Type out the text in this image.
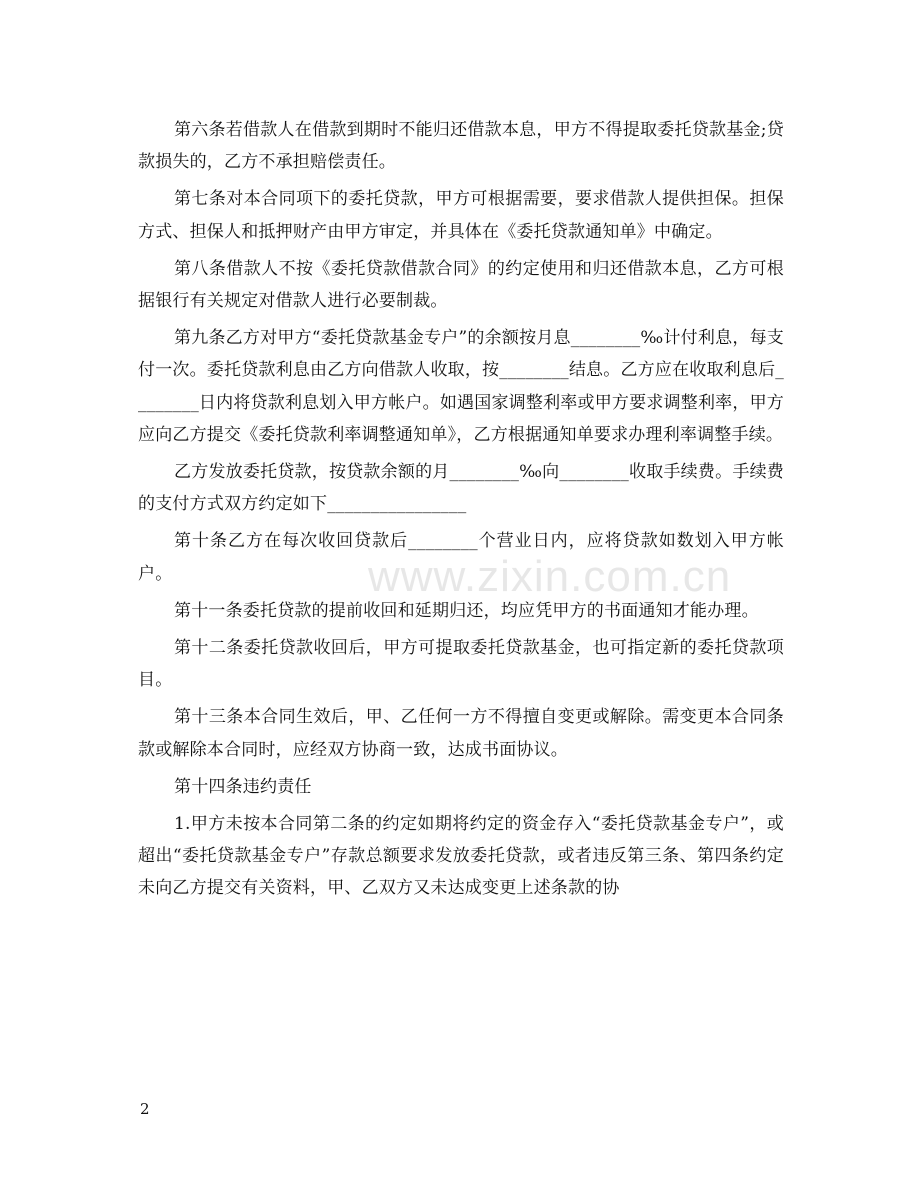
第六条若借款人在借款到期时不能归还借款本息，甲方不得提取委托贷款基金;贷款损失的，乙方不承担赔偿责任。

第七条对本合同项下的委托贷款，甲方可根据需要，要求借款人提供担保。担保方式、担保人和抵押财产由甲方审定，并具体在《委托贷款通知单》中确定。

第八条借款人不按《委托贷款借款合同》的约定使用和归还借款本息，乙方可根据银行有关规定对借款人进行必要制裁。

第九条乙方对甲方“委托贷款基金专户”的余额按月息________‰计付利息，每支付一次。委托贷款利息由乙方向借款人收取，按________结息。乙方应在收取利息后________日内将贷款利息划入甲方帐户。如遇国家调整利率或甲方要求调整利率，甲方应向乙方提交《委托贷款利率调整通知单》，乙方根据通知单要求办理利率调整手续。

乙方发放委托贷款，按贷款余额的月________‰向________收取手续费。手续费的支付方式双方约定如下________________

第十条乙方在每次收回贷款后________个营业日内，应将贷款如数划入甲方帐户。

第十一条委托贷款的提前收回和延期归还，均应凭甲方的书面通知才能办理。

第十二条委托贷款收回后，甲方可提取委托贷款基金，也可指定新的委托贷款项目。

第十三条本合同生效后，甲、乙任何一方不得擅自变更或解除。需变更本合同条款或解除本合同时，应经双方协商一致，达成书面协议。

第十四条违约责任

1.甲方未按本合同第二条的约定如期将约定的资金存入“委托贷款基金专户”，或超出“委托贷款基金专户”存款总额要求发放委托贷款，或者违反第三条、第四条约定未向乙方提交有关资料，甲、乙双方又未达成变更上述条款的协

www.zixin.com.cn
2
